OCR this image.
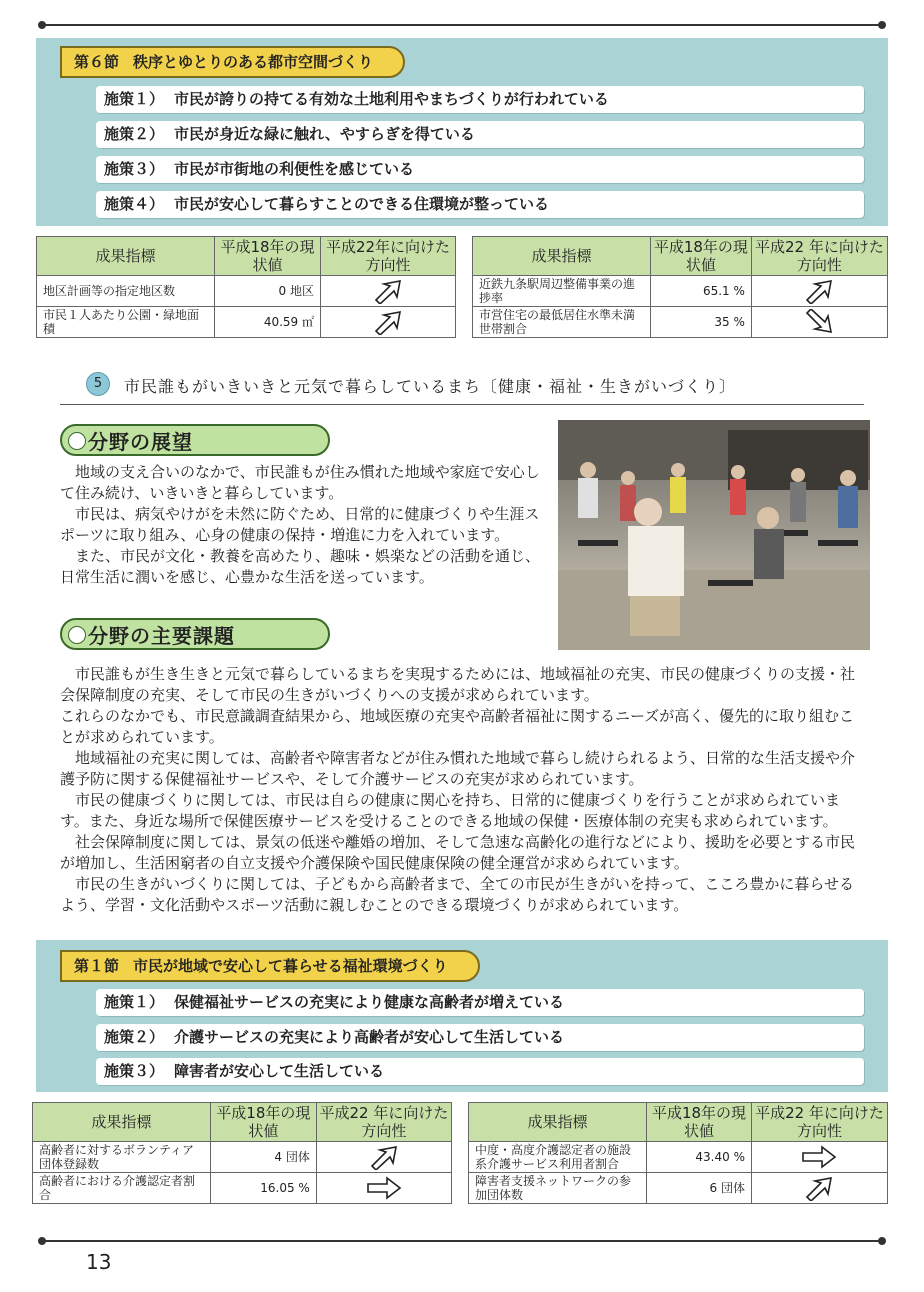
第６節 秩序とゆとりのある都市空間づくり
施策１） 市民が誇りの持てる有効な土地利用やまちづくりが行われている
施策２） 市民が身近な緑に触れ、やすらぎを得ている
施策３） 市民が市街地の利便性を感じている
施策４） 市民が安心して暮らすことのできる住環境が整っている
成果指標	平成18年の現状値	平成22年に向けた方向性
地区計画等の指定地区数	0 地区	
市民１人あたり公園・緑地面積	40.59 ㎡	
成果指標	平成18年の現状値	平成22 年に向けた方向性
近鉄九条駅周辺整備事業の進捗率	65.1 %	
市営住宅の最低居住水準未満世帯割合	35 %	
5	市民誰もがいきいきと元気で暮らしているまち〔健康・福祉・生きがいづくり〕
分野の展望

地域の支え合いのなかで、市民誰もが住み慣れた地域や家庭で安心して住み続け、いきいきと暮らしています。

市民は、病気やけがを未然に防ぐため、日常的に健康づくりや生涯スポーツに取り組み、心身の健康の保持・増進に力を入れています。

また、市民が文化・教養を高めたり、趣味・娯楽などの活動を通じ、日常生活に潤いを感じ、心豊かな生活を送っています。

分野の主要課題

市民誰もが生き生きと元気で暮らしているまちを実現するためには、地域福祉の充実、市民の健康づくりの支援・社会保障制度の充実、そして市民の生きがいづくりへの支援が求められています。

これらのなかでも、市民意識調査結果から、地域医療の充実や高齢者福祉に関するニーズが高く、優先的に取り組むことが求められています。

地域福祉の充実に関しては、高齢者や障害者などが住み慣れた地域で暮らし続けられるよう、日常的な生活支援や介護予防に関する保健福祉サービスや、そして介護サービスの充実が求められています。

市民の健康づくりに関しては、市民は自らの健康に関心を持ち、日常的に健康づくりを行うことが求められています。また、身近な場所で保健医療サービスを受けることのできる地域の保健・医療体制の充実も求められています。

社会保障制度に関しては、景気の低迷や離婚の増加、そして急速な高齢化の進行などにより、援助を必要とする市民が増加し、生活困窮者の自立支援や介護保険や国民健康保険の健全運営が求められています。

市民の生きがいづくりに関しては、子どもから高齢者まで、全ての市民が生きがいを持って、こころ豊かに暮らせるよう、学習・文化活動やスポーツ活動に親しむことのできる環境づくりが求められています。

第１節 市民が地域で安心して暮らせる福祉環境づくり
施策１） 保健福祉サービスの充実により健康な高齢者が増えている
施策２） 介護サービスの充実により高齢者が安心して生活している
施策３） 障害者が安心して生活している
成果指標	平成18年の現状値	平成22 年に向けた方向性
高齢者に対するボランティア団体登録数	4 団体	
高齢者における介護認定者割合	16.05 %	
成果指標	平成18年の現状値	平成22 年に向けた方向性
中度・高度介護認定者の施設系介護サービス利用者割合	43.40 %	
障害者支援ネットワークの参加団体数	6 団体	
13
